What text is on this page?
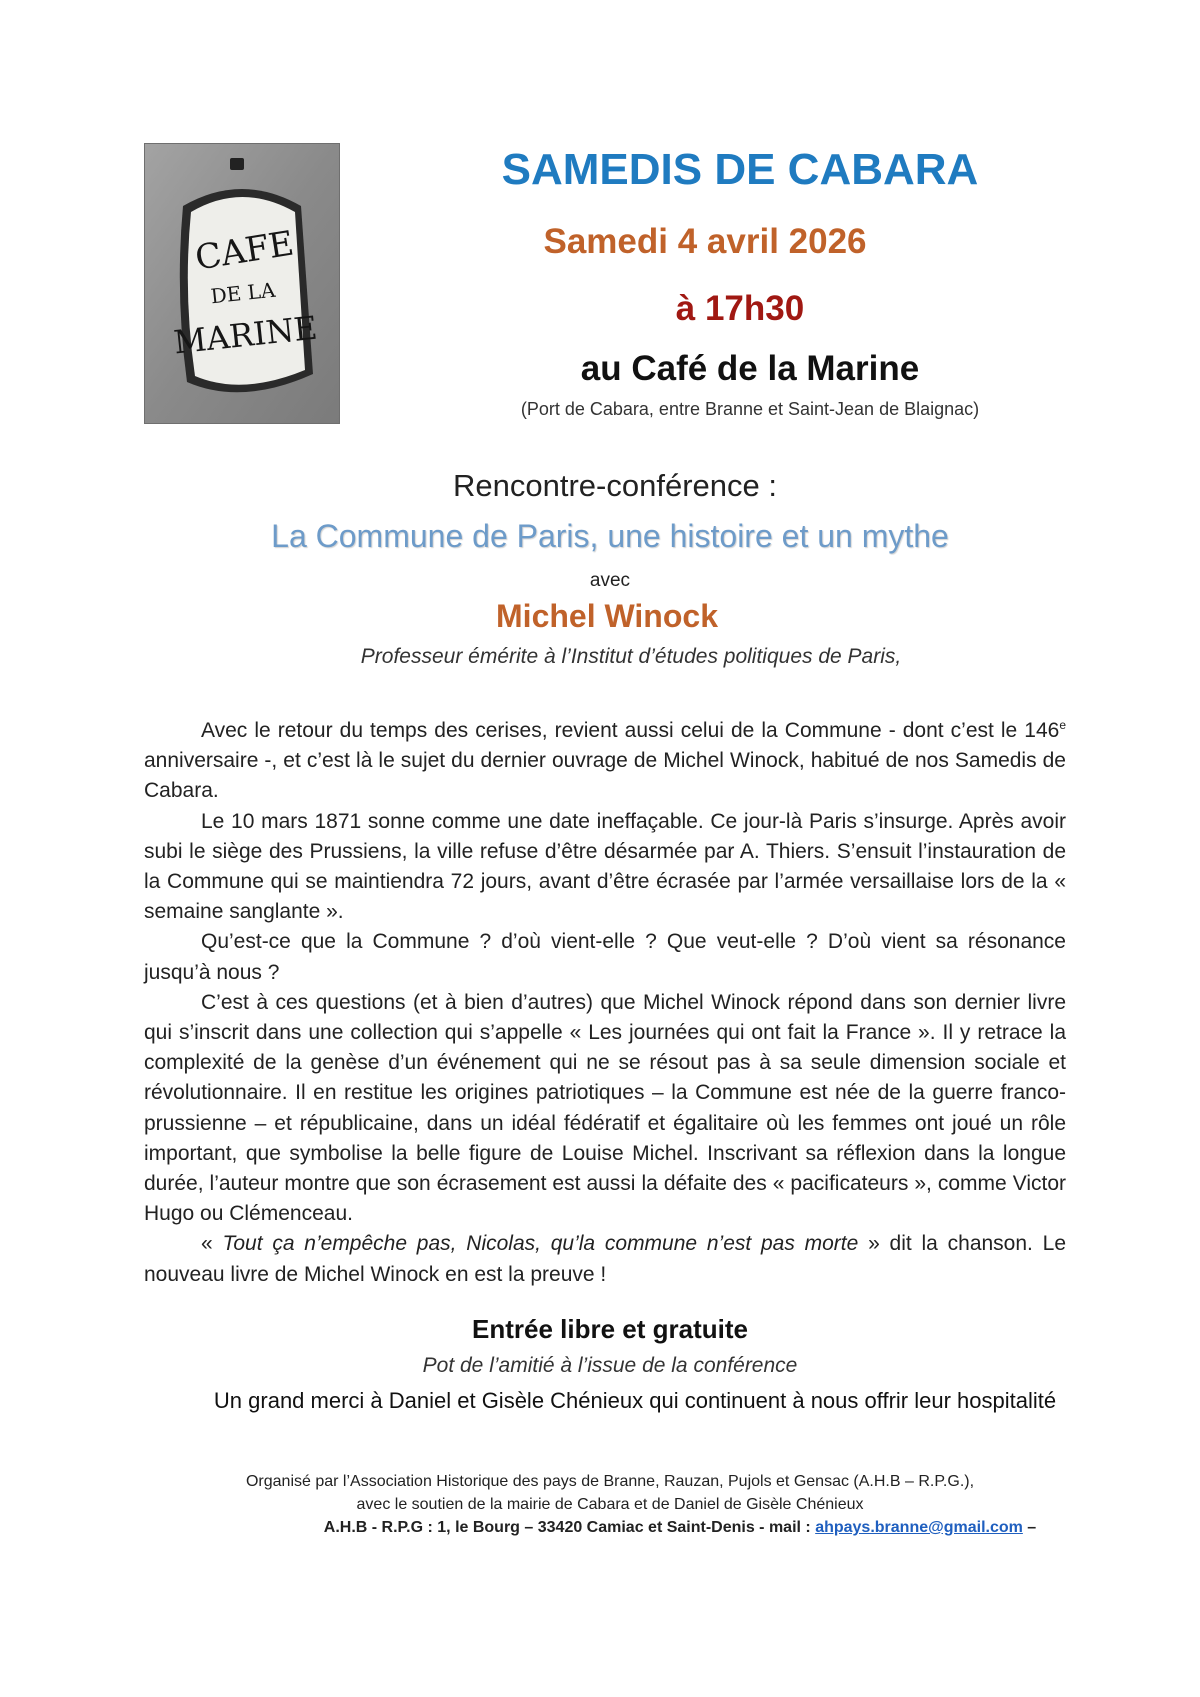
CAFE
DE LA
MARINE
SAMEDIS DE CABARA
Samedi 4 avril 2026
à 17h30
au Café de la Marine

(Port de Cabara, entre Branne et Saint-Jean de Blaignac)

Rencontre-conférence :

La Commune de Paris, une histoire et un mythe

avec

Michel Winock

Professeur émérite à l’Institut d’études politiques de Paris,

Avec le retour du temps des cerises, revient aussi celui de la Commune - dont c’est le 146e anniversaire -, et c’est là le sujet du dernier ouvrage de Michel Winock, habitué de nos Samedis de Cabara.

Le 10 mars 1871 sonne comme une date ineffaçable. Ce jour-là Paris s’insurge. Après avoir subi le siège des Prussiens, la ville refuse d’être désarmée par A. Thiers. S’ensuit l’instauration de la Commune qui se maintiendra 72 jours, avant d’être écrasée par l’armée versaillaise lors de la « semaine sanglante ».

Qu’est-ce que la Commune ? d’où vient-elle ? Que veut-elle ? D’où vient sa résonance jusqu’à nous ?

C’est à ces questions (et à bien d’autres) que Michel Winock répond dans son dernier livre qui s’inscrit dans une collection qui s’appelle « Les journées qui ont fait la France ». Il y retrace la complexité de la genèse d’un événement qui ne se résout pas à sa seule dimension sociale et révolutionnaire. Il en restitue les origines patriotiques – la Commune est née de la guerre franco-prussienne – et républicaine, dans un idéal fédératif et égalitaire où les femmes ont joué un rôle important, que symbolise la belle figure de Louise Michel. Inscrivant sa réflexion dans la longue durée, l’auteur montre que son écrasement est aussi la défaite des « pacificateurs », comme Victor Hugo ou Clémenceau.

« Tout ça n’empêche pas, Nicolas, qu’la commune n’est pas morte » dit la chanson. Le nouveau livre de Michel Winock en est la preuve !

Entrée libre et gratuite

Pot de l’amitié à l’issue de la conférence

Un grand merci à Daniel et Gisèle Chénieux qui continuent à nous offrir leur hospitalité

Organisé par l’Association Historique des pays de Branne, Rauzan, Pujols et Gensac (A.H.B – R.P.G.),
avec le soutien de la mairie de Cabara et de Daniel de Gisèle Chénieux
A.H.B - R.P.G : 1, le Bourg – 33420 Camiac et Saint-Denis - mail : ahpays.branne@gmail.com –
